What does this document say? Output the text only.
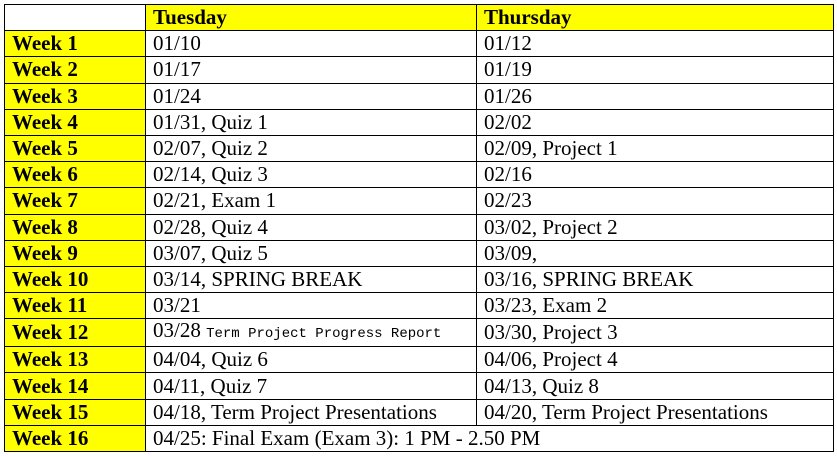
	Tuesday	Thursday
Week 1	01/10	01/12
Week 2	01/17	01/19
Week 3	01/24	01/26
Week 4	01/31, Quiz 1	02/02
Week 5	02/07, Quiz 2	02/09, Project 1
Week 6	02/14, Quiz 3	02/16
Week 7	02/21, Exam 1	02/23
Week 8	02/28, Quiz 4	03/02, Project 2
Week 9	03/07, Quiz 5	03/09,
Week 10	03/14, SPRING BREAK	03/16, SPRING BREAK
Week 11	03/21	03/23, Exam 2
Week 12	03/28 Term Project Progress Report	03/30, Project 3
Week 13	04/04, Quiz 6	04/06, Project 4
Week 14	04/11, Quiz 7	04/13, Quiz 8
Week 15	04/18, Term Project Presentations	04/20, Term Project Presentations
Week 16	04/25: Final Exam (Exam 3): 1 PM - 2.50 PM	
